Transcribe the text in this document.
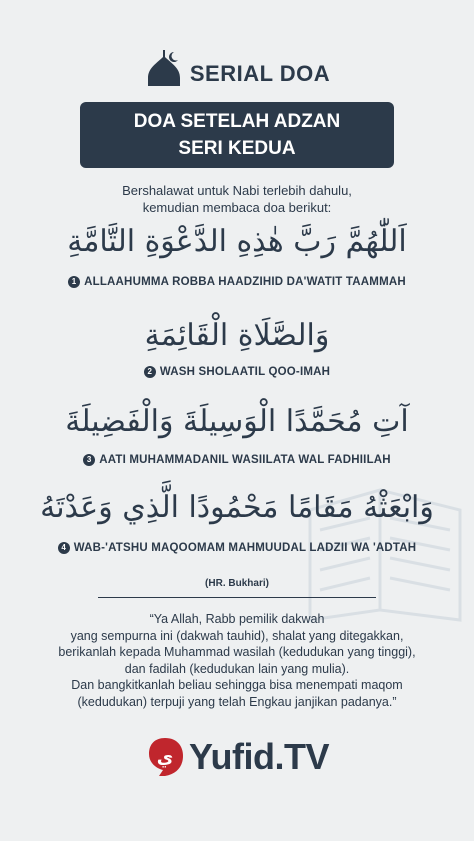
SERIAL DOA
DOA SETELAH ADZAN
SERI KEDUA
Bershalawat untuk Nabi terlebih dahulu,
kemudian membaca doa berikut:
اَللّٰهُمَّ رَبَّ هٰذِهِ الدَّعْوَةِ التَّامَّةِ
1 ALLAAHUMMA ROBBA HAADZIHID DA'WATIT TAAMMAH
وَالصَّلَاةِ الْقَائِمَةِ
2 WASH SHOLAATIL QOO-IMAH
آتِ مُحَمَّدًا الْوَسِيلَةَ وَالْفَضِيلَةَ
3 AATI MUHAMMADANIL WASIILATA WAL FADHIILAH
وَابْعَثْهُ مَقَامًا مَحْمُودًا الَّذِي وَعَدْتَهُ
4 WAB-'ATSHU MAQOOMAM MAHMUUDAL LADZII WA 'ADTAH
(HR. Bukhari)
“Ya Allah, Rabb pemilik dakwah
yang sempurna ini (dakwah tauhid), shalat yang ditegakkan,
berikanlah kepada Muhammad wasilah (kedudukan yang tinggi),
dan fadilah (kedudukan lain yang mulia).
Dan bangkitkanlah beliau sehingga bisa menempati maqom
(kedudukan) terpuji yang telah Engkau janjikan padanya.”
ي Yufid.TV
